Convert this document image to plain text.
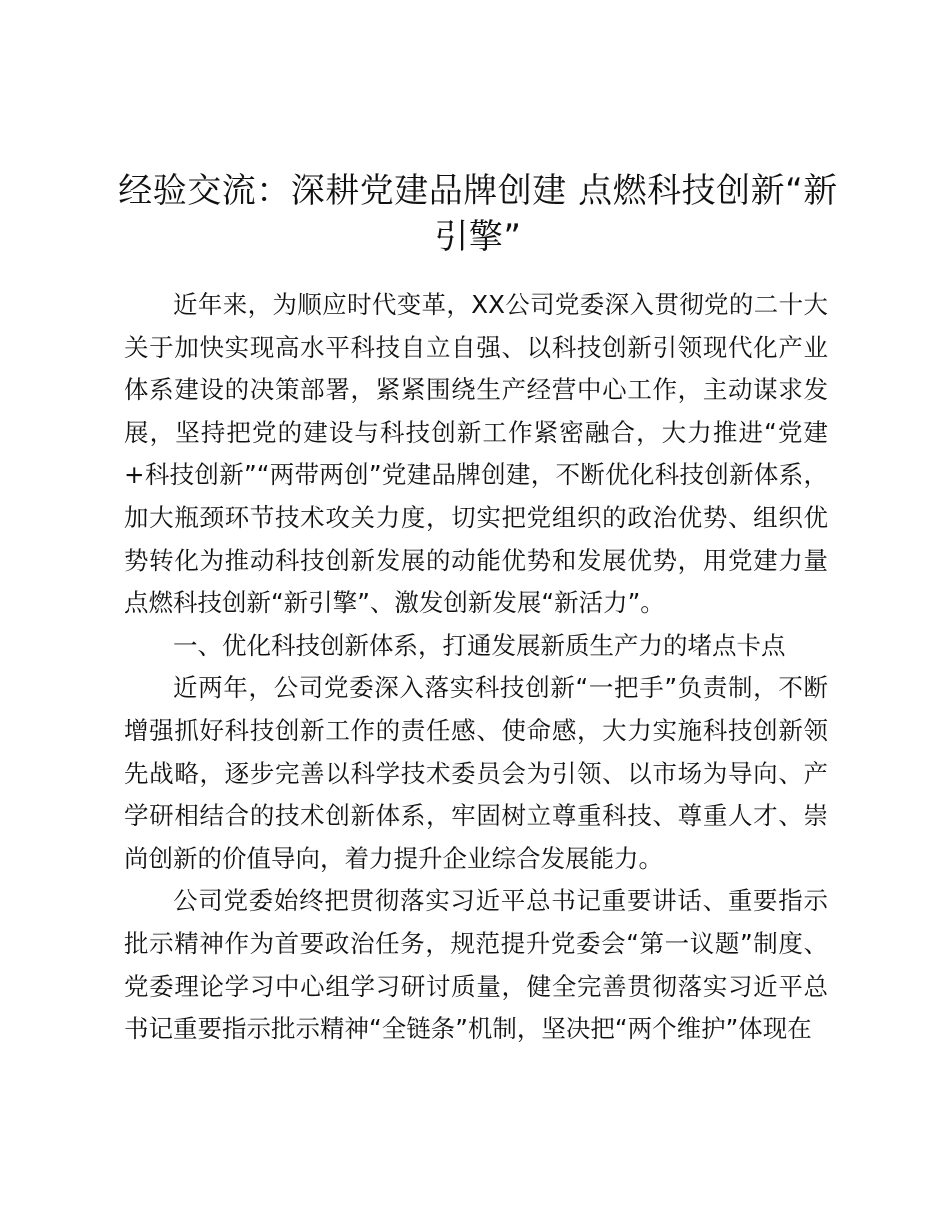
经验交流：深耕党建品牌创建 点燃科技创新“新引擎”

近年来，为顺应时代变革，XX公司党委深入贯彻党的二十大关于加快实现高水平科技自立自强、以科技创新引领现代化产业体系建设的决策部署，紧紧围绕生产经营中心工作，主动谋求发展，坚持把党的建设与科技创新工作紧密融合，大力推进“党建+科技创新”“两带两创”党建品牌创建，不断优化科技创新体系，加大瓶颈环节技术攻关力度，切实把党组织的政治优势、组织优势转化为推动科技创新发展的动能优势和发展优势，用党建力量点燃科技创新“新引擎”、激发创新发展“新活力”。

一、优化科技创新体系，打通发展新质生产力的堵点卡点

近两年，公司党委深入落实科技创新“一把手”负责制，不断增强抓好科技创新工作的责任感、使命感，大力实施科技创新领先战略，逐步完善以科学技术委员会为引领、以市场为导向、产学研相结合的技术创新体系，牢固树立尊重科技、尊重人才、崇尚创新的价值导向，着力提升企业综合发展能力。

公司党委始终把贯彻落实习近平总书记重要讲话、重要指示批示精神作为首要政治任务，规范提升党委会“第一议题”制度、党委理论学习中心组学习研讨质量，健全完善贯彻落实习近平总书记重要指示批示精神“全链条”机制，坚决把“两个维护”体现在
